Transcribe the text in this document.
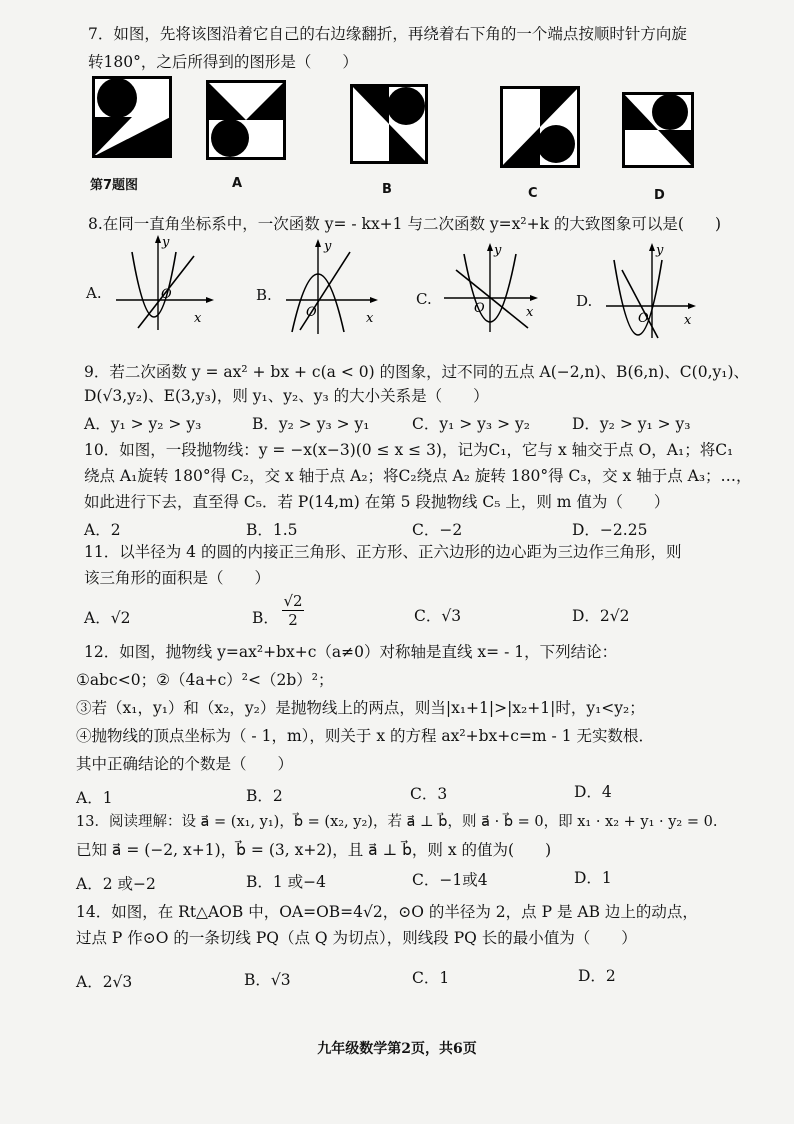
7．如图，先将该图沿着它自己的右边缘翻折，再绕着右下角的一个端点按顺时针方向旋
转180°，之后所得到的图形是（　　）
第7题图	A	B	C	D
8.在同一直角坐标系中，一次函数 y= - kx+1 与二次函数 y=x²+k 的大致图象可以是(　　)
A.
y
x
O	B.
y
x
O
C.
y
x
O	D.
y
x
O
9．若二次函数 y = ax² + bx + c(a < 0) 的图象，过不同的五点 A(−2,n)、B(6,n)、C(0,y₁)、
D(√3,y₂)、E(3,y₃)，则 y₁、y₂、y₃ 的大小关系是（　　）
A．y₁ > y₂ > y₃	B．y₂ > y₃ > y₁	C．y₁ > y₃ > y₂	D．y₂ > y₁ > y₃
10．如图，一段抛物线：y = −x(x−3)(0 ≤ x ≤ 3)，记为C₁，它与 x 轴交于点 O，A₁；将C₁
绕点 A₁旋转 180°得 C₂，交 x 轴于点 A₂；将C₂绕点 A₂ 旋转 180°得 C₃，交 x 轴于点 A₃；…，
如此进行下去，直至得 C₅．若 P(14,m) 在第 5 段抛物线 C₅ 上，则 m 值为（　　）
A．2	B．1.5	C．−2	D．−2.25
11．以半径为 4 的圆的内接正三角形、正方形、正六边形的边心距为三边作三角形，则
该三角形的面积是（　　）
A．√2	B． $\frac{√2}{2}$	C．√3	D．2√2
12．如图，抛物线 y=ax²+bx+c（a≠0）对称轴是直线 x= - 1，下列结论：
①abc<0；②（4a+c）²<（2b）²；
③若（x₁，y₁）和（x₂，y₂）是抛物线上的两点，则当|x₁+1|>|x₂+1|时，y₁<y₂；
④抛物线的顶点坐标为（ - 1，m），则关于 x 的方程 ax²+bx+c=m - 1 无实数根．
其中正确结论的个数是（　　）
A．1	B．2	C．3	D．4
13．阅读理解：设 a⃗ = (x₁, y₁)，b⃗ = (x₂, y₂)，若 a⃗ ⊥ b⃗，则 a⃗ · b⃗ = 0，即 x₁ · x₂ + y₁ · y₂ = 0.
已知 a⃗ = (−2, x+1)，b⃗ = (3, x+2)，且 a⃗ ⊥ b⃗，则 x 的值为(　　)
A．2 或−2	B．1 或−4	C．−1或4	D．1
14．如图，在 Rt△AOB 中，OA=OB=4√2，⊙O 的半径为 2，点 P 是 AB 边上的动点，
过点 P 作⊙O 的一条切线 PQ（点 Q 为切点），则线段 PQ 长的最小值为（　　）
A．2√3	B．√3	C．1	D．2
九年级数学第2页，共6页
